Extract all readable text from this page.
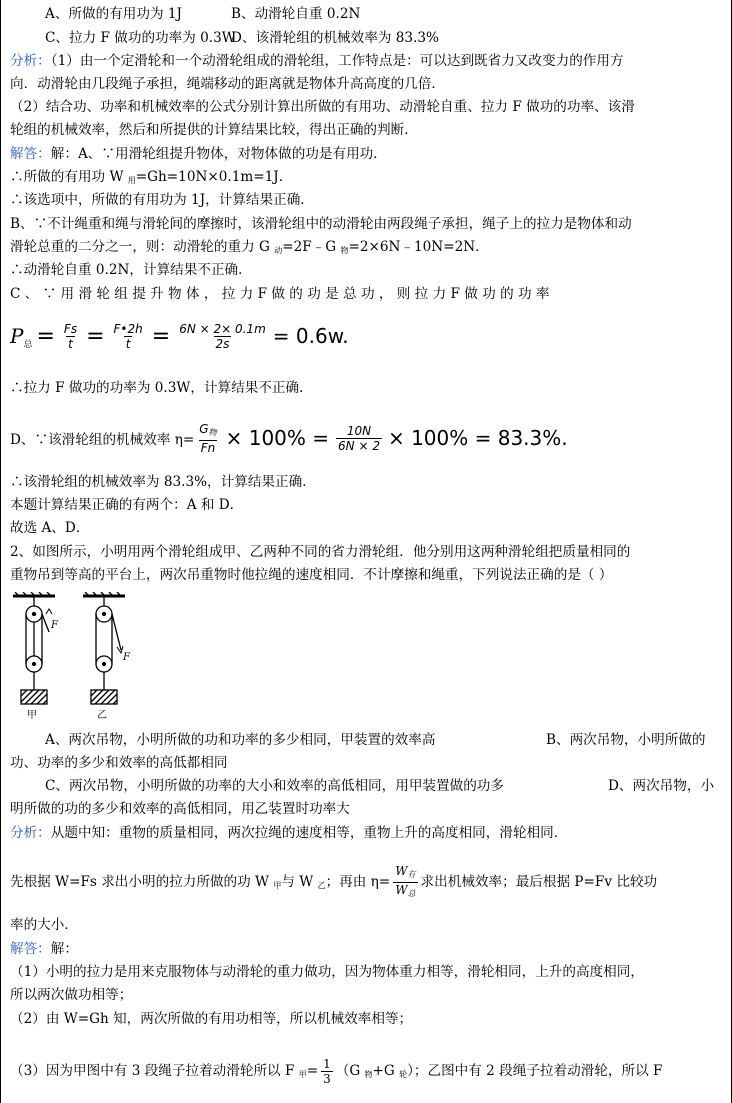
A、所做的有用功为 1J	B、动滑轮自重 0.2N
C、拉力 F 做功的功率为 0.3W
D、该滑轮组的机械效率为 83.3%
分析：（1）由一个定滑轮和一个动滑轮组成的滑轮组，工作特点是：可以达到既省力又改变力的作用方
向．动滑轮由几段绳子承担，绳端移动的距离就是物体升高高度的几倍．
（2）结合功、功率和机械效率的公式分别计算出所做的有用功、动滑轮自重、拉力 F 做功的功率、该滑
轮组的机械效率，然后和所提供的计算结果比较，得出正确的判断．
解答：解：A、∵用滑轮组提升物体，对物体做的功是有用功．
∴所做的有用功 W $_用$=Gh=10N×0.1m=1J．
∴该选项中，所做的有用功为 1J，计算结果正确．
B、∵不计绳重和绳与滑轮间的摩擦时，该滑轮组中的动滑轮由两段绳子承担，绳子上的拉力是物体和动
滑轮总重的二分之一，则：动滑轮的重力 G $_动$=2F﹣G $_物$=2×6N﹣10N=2N．
∴动滑轮自重 0.2N，计算结果不正确．
C 、 ∵ 用 滑 轮 组 提 升 物 体 ， 拉 力 F 做 的 功 是 总 功 ， 则 拉 力 F 做 功 的 功 率
P 总 = $\frac{Fs}{t} = \frac{F•2h}{t} = \frac{6N \times 2\times 0.1m}{2s} = 0.6w$.
∴拉力 F 做功的功率为 0.3W，计算结果不正确．
D、∵该滑轮组的机械效率 $\eta= \frac{G_物}{Fn} \times 100\% = \frac{10N}{6N \times 2} \times 100\% = 83.3\%$.
∴该滑轮组的机械效率为 83.3%，计算结果正确．
本题计算结果正确的有两个：A 和 D．
故选 A、D．
2、如图所示，小明用两个滑轮组成甲、乙两种不同的省力滑轮组．他分别用这两种滑轮组把质量相同的
重物吊到等高的平台上，两次吊重物时他拉绳的速度相同．不计摩擦和绳重，下列说法正确的是（ ）
F
甲
F
乙
A、两次吊物，小明所做的功和功率的多少相同，甲装置的效率高	B、两次吊物，小明所做的
功、功率的多少和效率的高低都相同
C、两次吊物，小明所做的功率的大小和效率的高低相同，用甲装置做的功多	D、两次吊物，小
明所做的功的多少和效率的高低相同，用乙装置时功率大
分析：从题中知：重物的质量相同，两次拉绳的速度相等，重物上升的高度相同，滑轮相同．
先根据 W=Fs 求出小明的拉力所做的功 W $_甲$与 W $_乙$；再由 $\eta= \frac{W_有}{W_总}$ 求出机械效率；最后根据 P=Fv 比较功
率的大小．
解答：解：
（1）小明的拉力是用来克服物体与动滑轮的重力做功，因为物体重力相等，滑轮相同，上升的高度相同，
所以两次做功相等；
（2）由 W=Gh 知，两次所做的有用功相等，所以机械效率相等；
（3）因为甲图中有 3 段绳子拉着动滑轮所以 F $_甲= \frac{1}{3} (G$ $_物$+G $_轮$）；乙图中有 2 段绳子拉着动滑轮，所以 F
